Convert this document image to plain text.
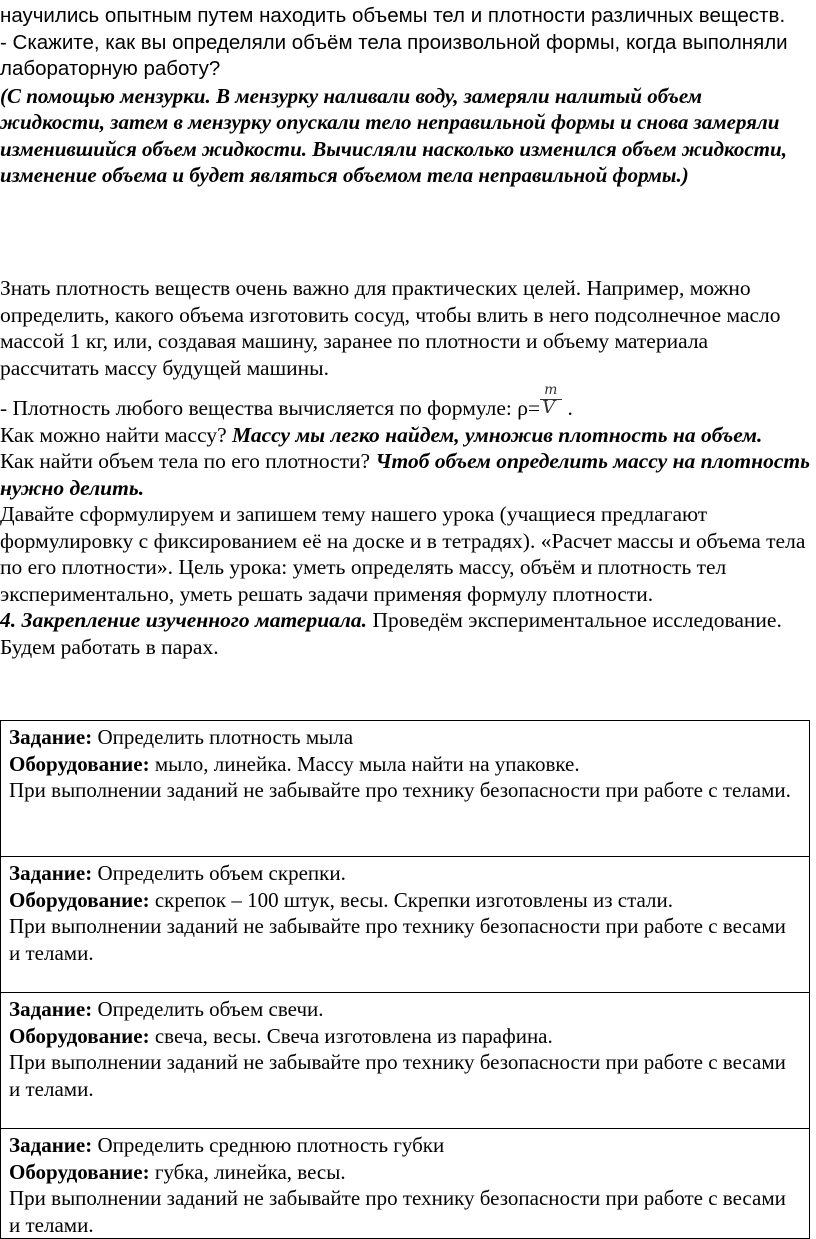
научились опытным путем находить объемы тел и плотности различных веществ.

- Скажите, как вы определяли объём тела произвольной формы, когда выполняли лабораторную работу?

(С помощью мензурки. В мензурку наливали воду, замеряли налитый объем жидкости, затем в мензурку опускали тело неправильной формы и снова замеряли изменившийся объем жидкости. Вычисляли насколько изменился объем жидкости, изменение объема и будет являться объемом тела неправильной формы.)

Знать плотность веществ очень важно для практических целей. Например, можно определить, какого объема изготовить сосуд, чтобы влить в него подсолнечное масло массой 1 кг, или, создавая машину, заранее по плотности и объему материала рассчитать массу будущей машины.

- Плотность любого вещества вычисляется по формуле: $\rho= \frac{m}{V}$ .

Как можно найти массу? Массу мы легко найдем, умножив плотность на объем.

Как найти объем тела по его плотности? Чтоб объем определить массу на плотность нужно делить.

Давайте сформулируем и запишем тему нашего урока (учащиеся предлагают формулировку с фиксированием её на доске и в тетрадях). «Расчет массы и объема тела по его плотности». Цель урока: уметь определять массу, объём и плотность тел экспериментально, уметь решать задачи применяя формулу плотности.

4. Закрепление изученного материала. Проведём экспериментальное исследование. Будем работать в парах.

Задание: Определить плотность мыла
Оборудование: мыло, линейка. Массу мыла найти на упаковке.
При выполнении заданий не забывайте про технику безопасности при работе с телами.

Задание: Определить объем скрепки.
Оборудование: скрепок – 100 штук, весы. Скрепки изготовлены из стали.
При выполнении заданий не забывайте про технику безопасности при работе с весами и телами.

Задание: Определить объем свечи.
Оборудование: свеча, весы. Свеча изготовлена из парафина.
При выполнении заданий не забывайте про технику безопасности при работе с весами и телами.

Задание: Определить среднюю плотность губки
Оборудование: губка, линейка, весы.
При выполнении заданий не забывайте про технику безопасности при работе с весами и телами.
